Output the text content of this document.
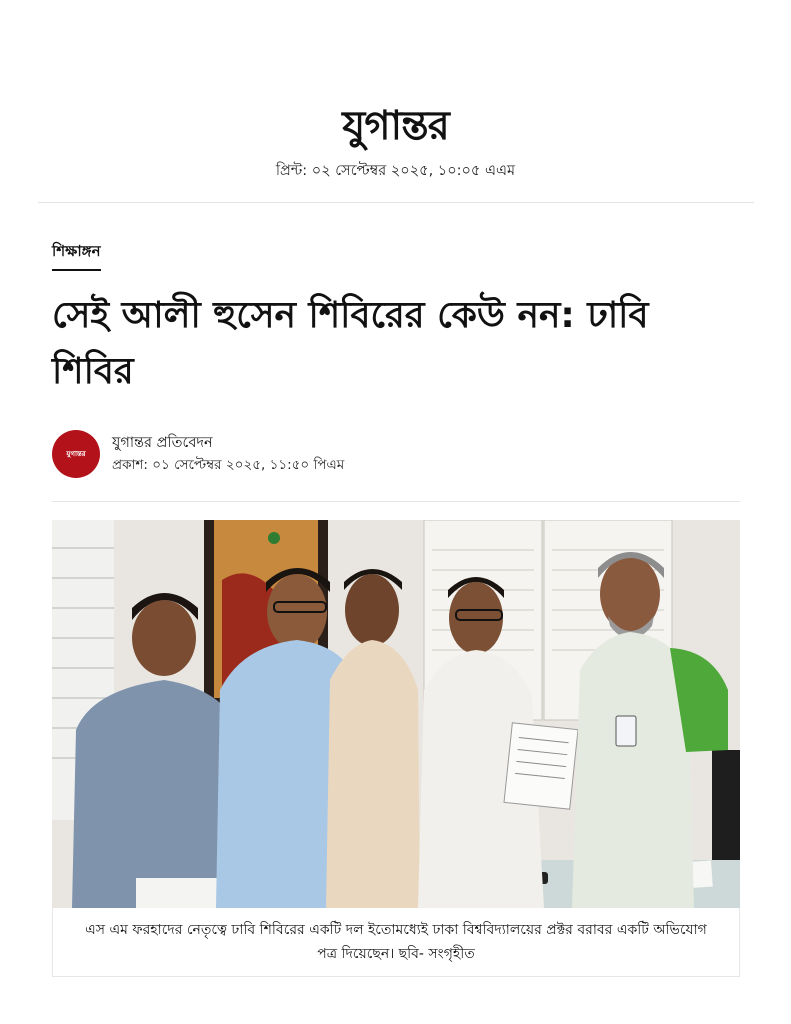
যুগান্তর
প্রিন্ট: ০২ সেপ্টেম্বর ২০২৫, ১০:০৫ এএম
শিক্ষাঙ্গন
সেই আলী হুসেন শিবিরের কেউ নন: ঢাবি শিবির
যুগান্তর
যুগান্তর প্রতিবেদন
প্রকাশ: ০১ সেপ্টেম্বর ২০২৫, ১১:৫০ পিএম

এস এম ফরহাদের নেতৃত্বে ঢাবি শিবিরের একটি দল ইতোমধ্যেই ঢাকা বিশ্ববিদ্যালয়ের প্রক্টর বরাবর একটি অভিযোগ পত্র দিয়েছেন। ছবি- সংগৃহীত
